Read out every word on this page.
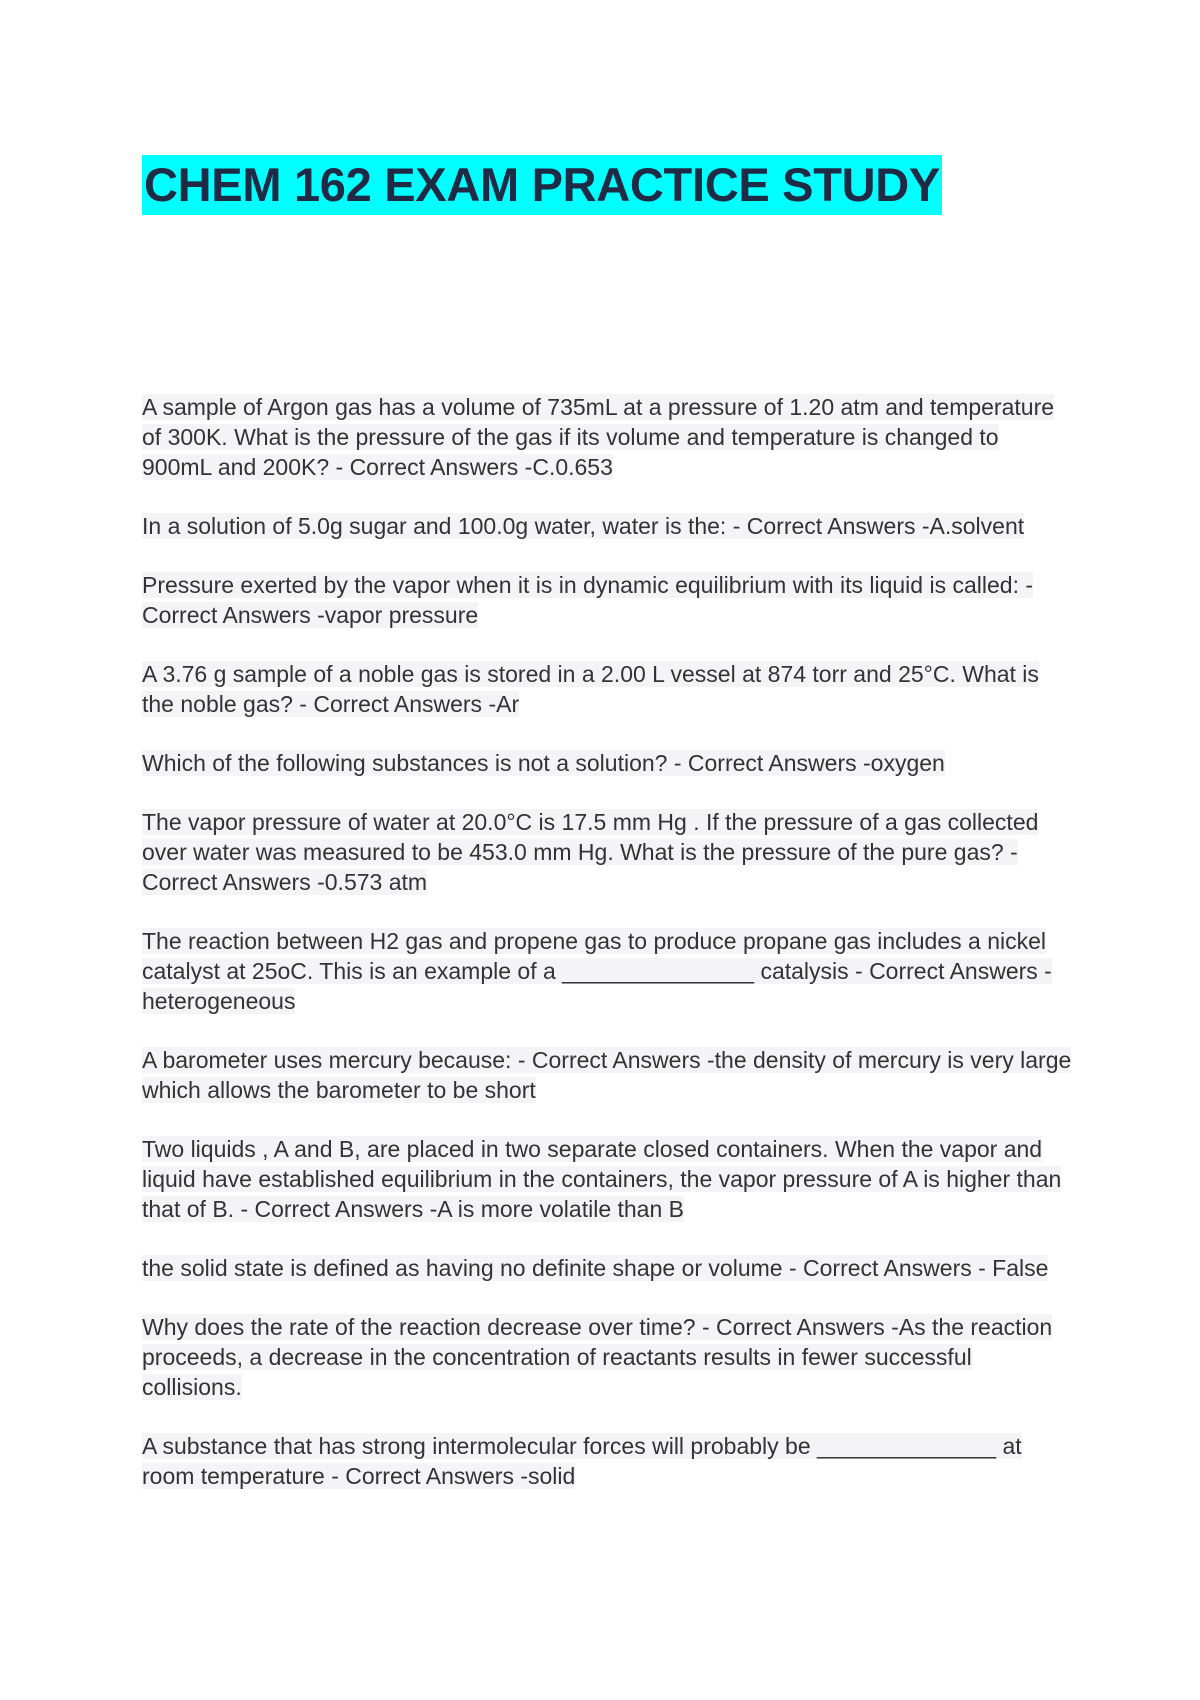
CHEM 162 EXAM PRACTICE STUDY
A sample of Argon gas has a volume of 735mL at a pressure of 1.20 atm and temperature of 300K. What is the pressure of the gas if its volume and temperature is changed to 900mL and 200K? - Correct Answers -C.0.653
In a solution of 5.0g sugar and 100.0g water, water is the: - Correct Answers -A.solvent
Pressure exerted by the vapor when it is in dynamic equilibrium with its liquid is called: - Correct Answers -vapor pressure
A 3.76 g sample of a noble gas is stored in a 2.00 L vessel at 874 torr and 25°C. What is the noble gas? - Correct Answers -Ar
Which of the following substances is not a solution? - Correct Answers -oxygen
The vapor pressure of water at 20.0°C is 17.5 mm Hg . If the pressure of a gas collected over water was measured to be 453.0 mm Hg. What is the pressure of the pure gas? - Correct Answers -0.573 atm
The reaction between H2 gas and propene gas to produce propane gas includes a nickel catalyst at 25oC. This is an example of a _______________ catalysis - Correct Answers -heterogeneous
A barometer uses mercury because: - Correct Answers -the density of mercury is very large which allows the barometer to be short
Two liquids , A and B, are placed in two separate closed containers. When the vapor and liquid have established equilibrium in the containers, the vapor pressure of A is higher than that of B. - Correct Answers -A is more volatile than B
the solid state is defined as having no definite shape or volume - Correct Answers - False
Why does the rate of the reaction decrease over time? - Correct Answers -As the reaction proceeds, a decrease in the concentration of reactants results in fewer successful collisions.
A substance that has strong intermolecular forces will probably be ______________ at room temperature - Correct Answers -solid
